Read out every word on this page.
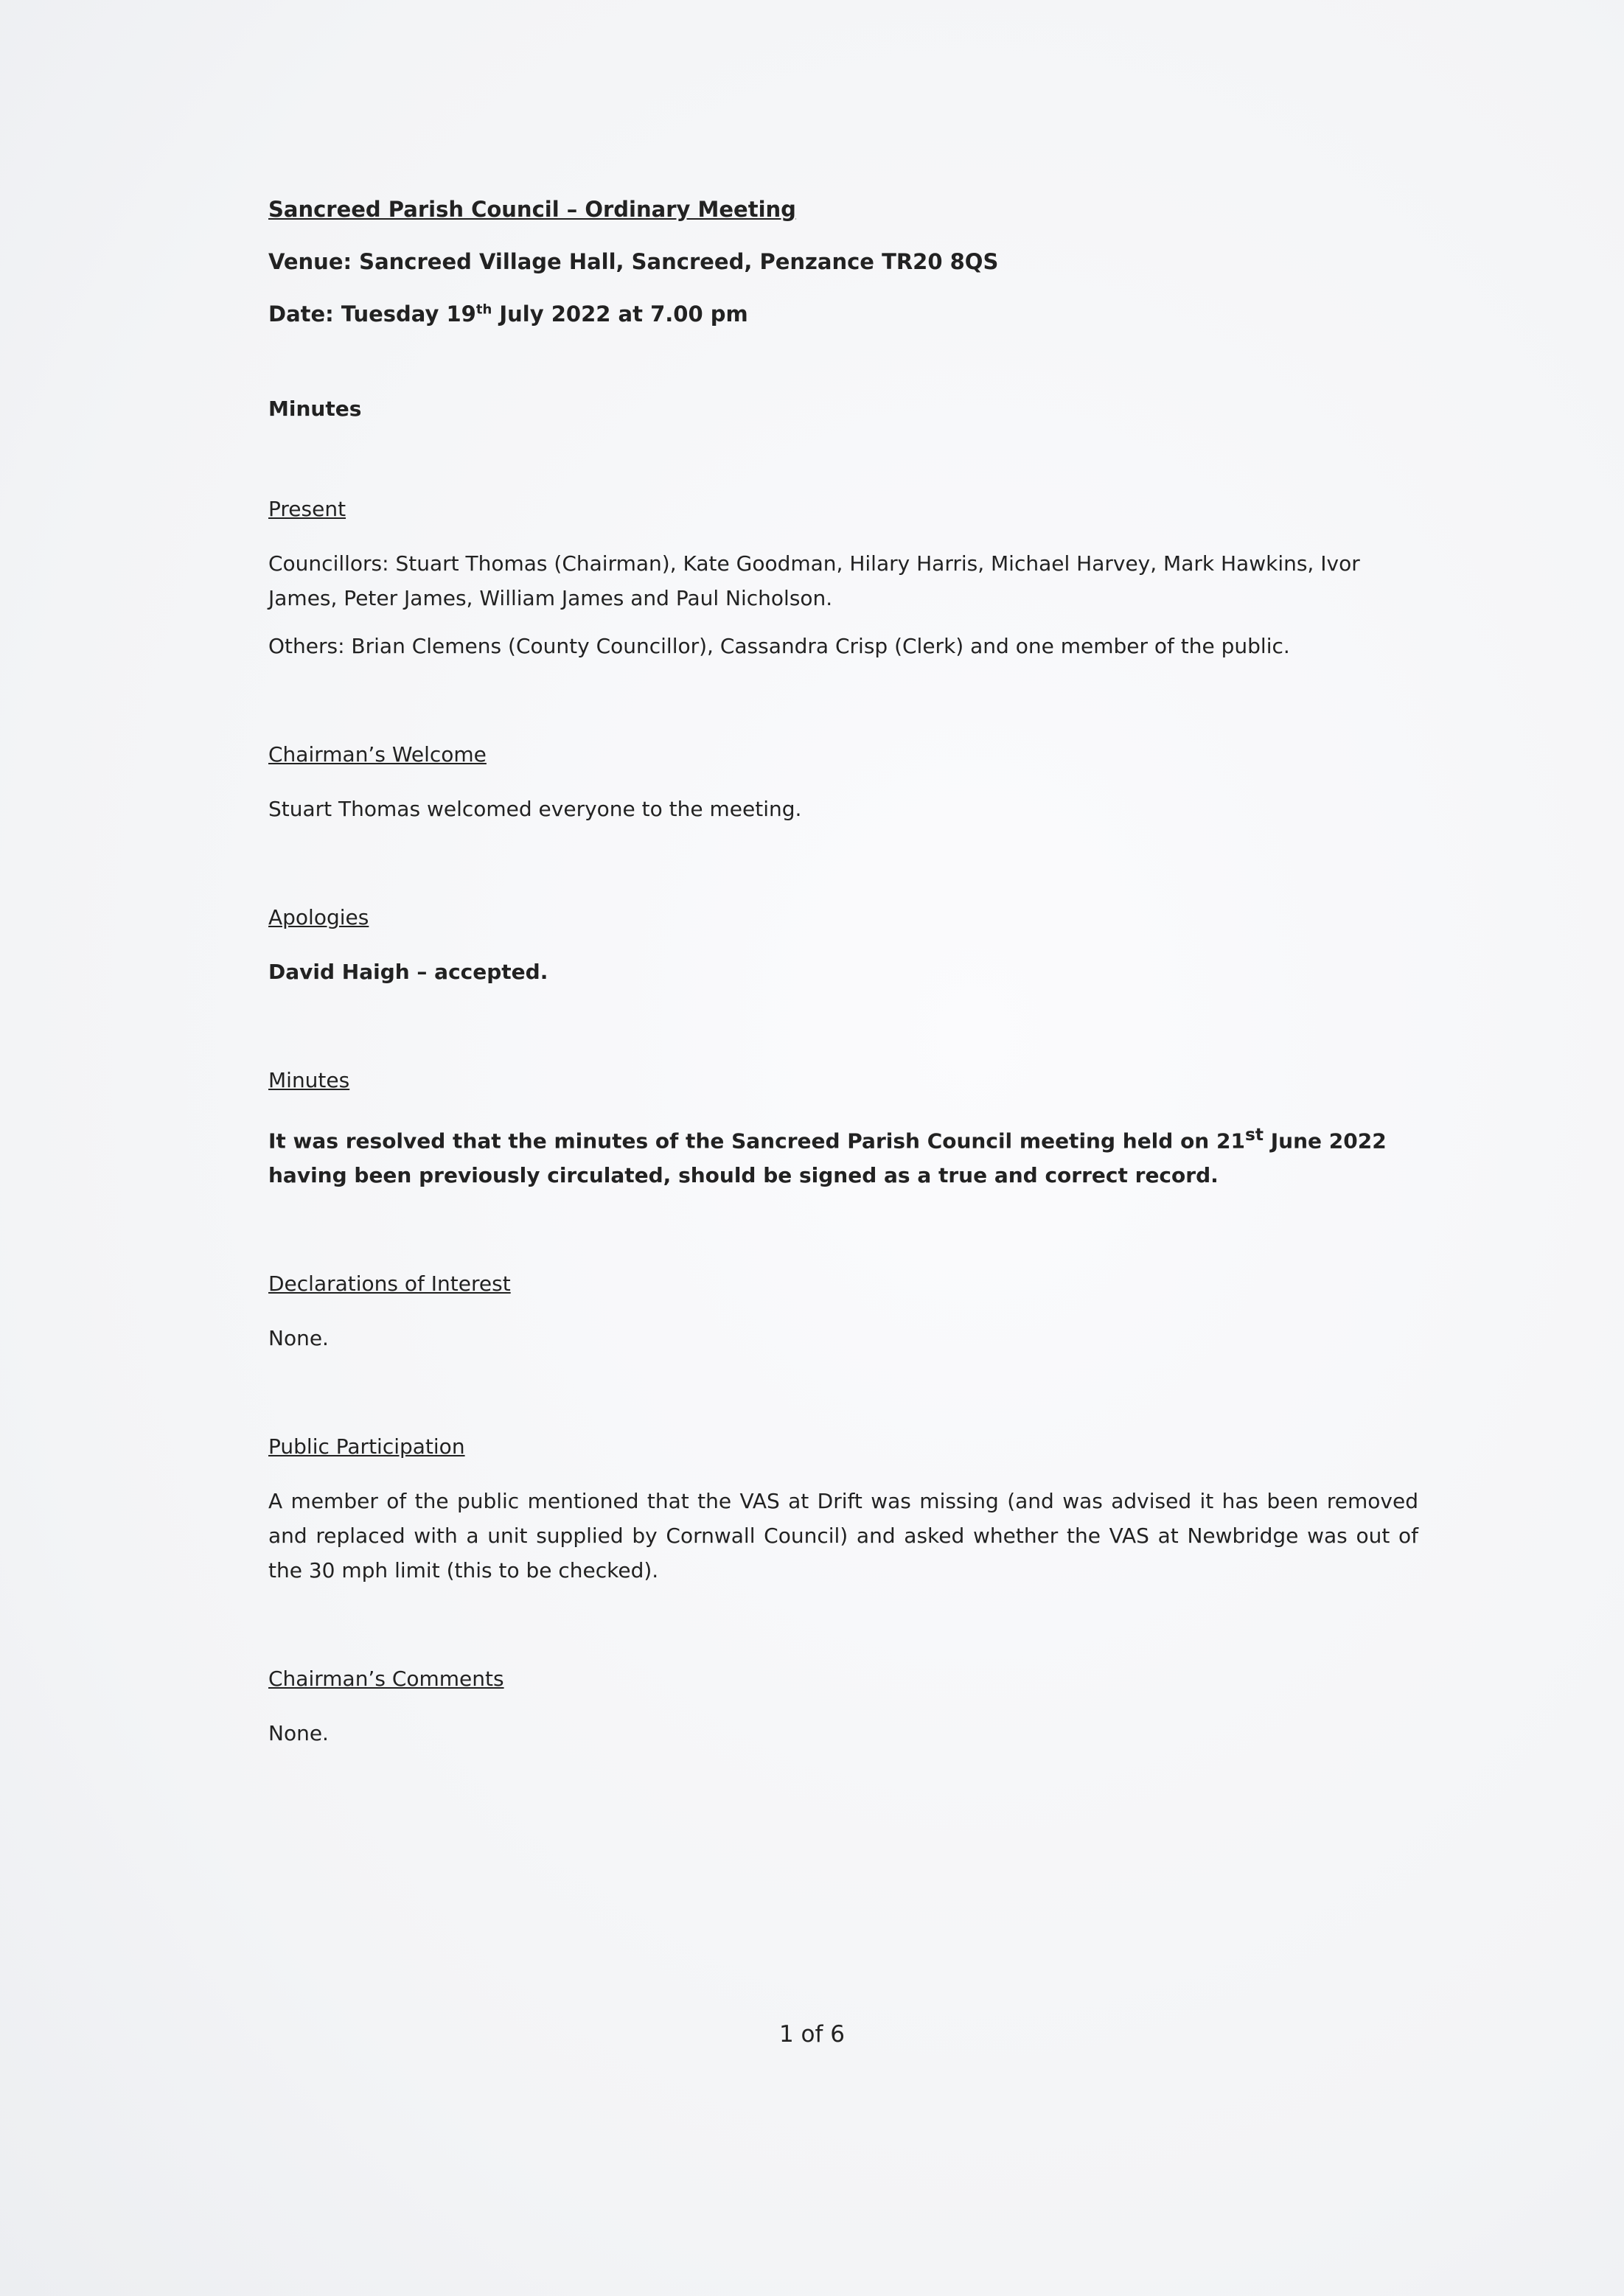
Sancreed Parish Council – Ordinary Meeting
Venue: Sancreed Village Hall, Sancreed, Penzance TR20 8QS
Date: Tuesday 19th July 2022 at 7.00 pm
Minutes
Present
Councillors: Stuart Thomas (Chairman), Kate Goodman, Hilary Harris, Michael Harvey, Mark Hawkins, Ivor James, Peter James, William James and Paul Nicholson.
Others: Brian Clemens (County Councillor), Cassandra Crisp (Clerk) and one member of the public.
Chairman’s Welcome
Stuart Thomas welcomed everyone to the meeting.
Apologies
David Haigh – accepted.
Minutes
It was resolved that the minutes of the Sancreed Parish Council meeting held on 21st June 2022 having been previously circulated, should be signed as a true and correct record.
Declarations of Interest
None.
Public Participation
A member of the public mentioned that the VAS at Drift was missing (and was advised it has been removed and replaced with a unit supplied by Cornwall Council) and asked whether the VAS at Newbridge was out of the 30 mph limit (this to be checked).
Chairman’s Comments
None.
1 of 6
